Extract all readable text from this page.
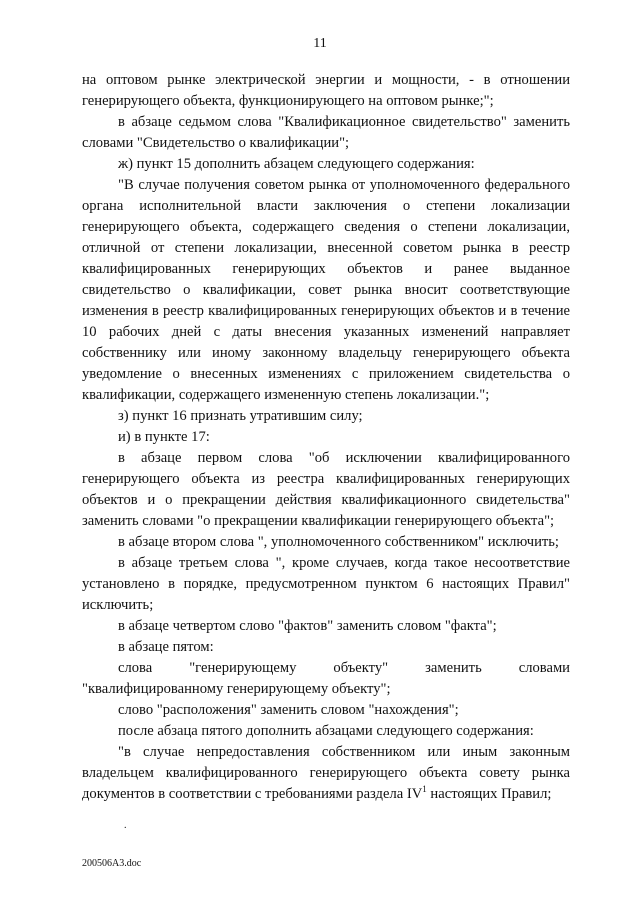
11

на оптовом рынке электрической энергии и мощности, - в отношении генерирующего объекта, функционирующего на оптовом рынке;";

в абзаце седьмом слова "Квалификационное свидетельство" заменить словами "Свидетельство о квалификации";

ж) пункт 15 дополнить абзацем следующего содержания:

"В случае получения советом рынка от уполномоченного федерального органа исполнительной власти заключения о степени локализации генерирующего объекта, содержащего сведения о степени локализации, отличной от степени локализации, внесенной советом рынка в реестр квалифицированных генерирующих объектов и ранее выданное свидетельство о квалификации, совет рынка вносит соответствующие изменения в реестр квалифицированных генерирующих объектов и в течение 10 рабочих дней с даты внесения указанных изменений направляет собственнику или иному законному владельцу генерирующего объекта уведомление о внесенных изменениях с приложением свидетельства о квалификации, содержащего измененную степень локализации.";

з) пункт 16 признать утратившим силу;

и) в пункте 17:

в абзаце первом слова "об исключении квалифицированного генерирующего объекта из реестра квалифицированных генерирующих объектов и о прекращении действия квалификационного свидетельства" заменить словами "о прекращении квалификации генерирующего объекта";

в абзаце втором слова ", уполномоченного собственником" исключить;

в абзаце третьем слова ", кроме случаев, когда такое несоответствие установлено в порядке, предусмотренном пунктом 6 настоящих Правил" исключить;

в абзаце четвертом слово "фактов" заменить словом "факта";

в абзаце пятом:

слова "генерирующему объекту" заменить словами "квалифицированному генерирующему объекту";

слово "расположения" заменить словом "нахождения";

после абзаца пятого дополнить абзацами следующего содержания:

"в случае непредоставления собственником или иным законным владельцем квалифицированного генерирующего объекта совету рынка документов в соответствии с требованиями раздела $IV^1$ настоящих Правил;

.
200506A3.doc
